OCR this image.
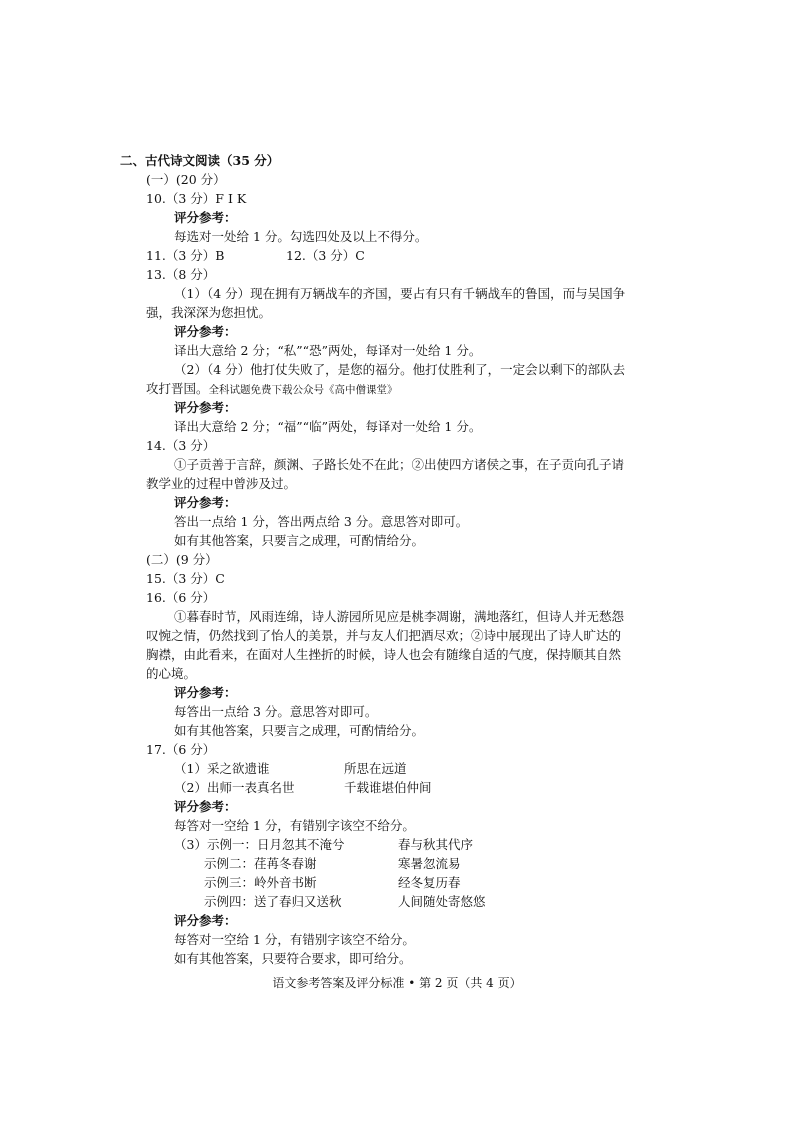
二、古代诗文阅读（35 分）
(一）(20 分）
10.（3 分）F I K
评分参考：
每选对一处给 1 分。勾选四处及以上不得分。
11.（3 分）B	12.（3 分）C
13.（8 分）
（1）（4 分）现在拥有万辆战车的齐国，要占有只有千辆战车的鲁国，而与吴国争
强，我深深为您担忧。
评分参考：
译出大意给 2 分；“私”“恐”两处，每译对一处给 1 分。
（2）（4 分）他打仗失败了，是您的福分。他打仗胜利了，一定会以剩下的部队去
攻打晋国。全科试题免费下载公众号《高中僧课堂》
评分参考：
译出大意给 2 分；“福”“临”两处，每译对一处给 1 分。
14.（3 分）
①子贡善于言辞，颜渊、子路长处不在此；②出使四方诸侯之事，在子贡向孔子请
教学业的过程中曾涉及过。
评分参考：
答出一点给 1 分，答出两点给 3 分。意思答对即可。
如有其他答案，只要言之成理，可酌情给分。
(二）(9 分）
15.（3 分）C
16.（6 分）
①暮春时节，风雨连绵，诗人游园所见应是桃李凋谢，满地落红，但诗人并无愁怨
叹惋之情，仍然找到了怡人的美景，并与友人们把酒尽欢；②诗中展现出了诗人旷达的
胸襟，由此看来，在面对人生挫折的时候，诗人也会有随缘自适的气度，保持顺其自然
的心境。
评分参考：
每答出一点给 3 分。意思答对即可。
如有其他答案，只要言之成理，可酌情给分。
17.（6 分）
（1）采之欲遗谁	所思在远道
（2）出师一表真名世	千载谁堪伯仲间
评分参考：
每答对一空给 1 分，有错别字该空不给分。
（3）示例一：日月忽其不淹兮	春与秋其代序
示例二：荏苒冬春谢	寒暑忽流易
示例三：岭外音书断	经冬复历春
示例四：送了春归又送秋	人间随处寄悠悠
评分参考：
每答对一空给 1 分，有错别字该空不给分。
如有其他答案，只要符合要求，即可给分。
语文参考答案及评分标准 • 第 2 页（共 4 页）
